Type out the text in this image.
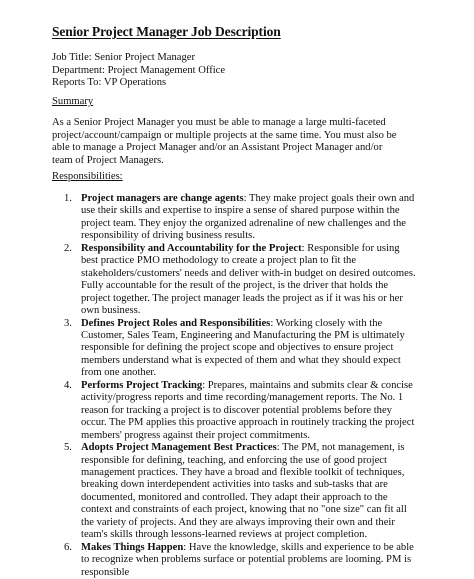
Senior Project Manager Job Description
Job Title: Senior Project Manager
Department: Project Management Office
Reports To: VP Operations
Summary

As a Senior Project Manager you must be able to manage a large multi-faceted project/account/campaign or multiple projects at the same time. You must also be able to manage a Project Manager and/or an Assistant Project Manager and/or team of Project Managers.

Responsibilities:
1. Project managers are change agents: They make project goals their own and use their skills and expertise to inspire a sense of shared purpose within the project team. They enjoy the organized adrenaline of new challenges and the responsibility of driving business results.
2. Responsibility and Accountability for the Project: Responsible for using best practice PMO methodology to create a project plan to fit the stakeholders/customers' needs and deliver with-in budget on desired outcomes. Fully accountable for the result of the project, is the driver that holds the project together. The project manager leads the project as if it was his or her own business.
3. Defines Project Roles and Responsibilities: Working closely with the Customer, Sales Team, Engineering and Manufacturing the PM is ultimately responsible for defining the project scope and objectives to ensure project members understand what is expected of them and what they should expect from one another.
4. Performs Project Tracking: Prepares, maintains and submits clear & concise activity/progress reports and time recording/management reports. The No. 1 reason for tracking a project is to discover potential problems before they occur. The PM applies this proactive approach in routinely tracking the project members' progress against their project commitments.
5. Adopts Project Management Best Practices: The PM, not management, is responsible for defining, teaching, and enforcing the use of good project management practices. They have a broad and flexible toolkit of techniques, breaking down interdependent activities into tasks and sub-tasks that are documented, monitored and controlled. They adapt their approach to the context and constraints of each project, knowing that no "one size" can fit all the variety of projects. And they are always improving their own and their team's skills through lessons-learned reviews at project completion.
6. Makes Things Happen: Have the knowledge, skills and experience to be able to recognize when problems surface or potential problems are looming. PM is responsible
